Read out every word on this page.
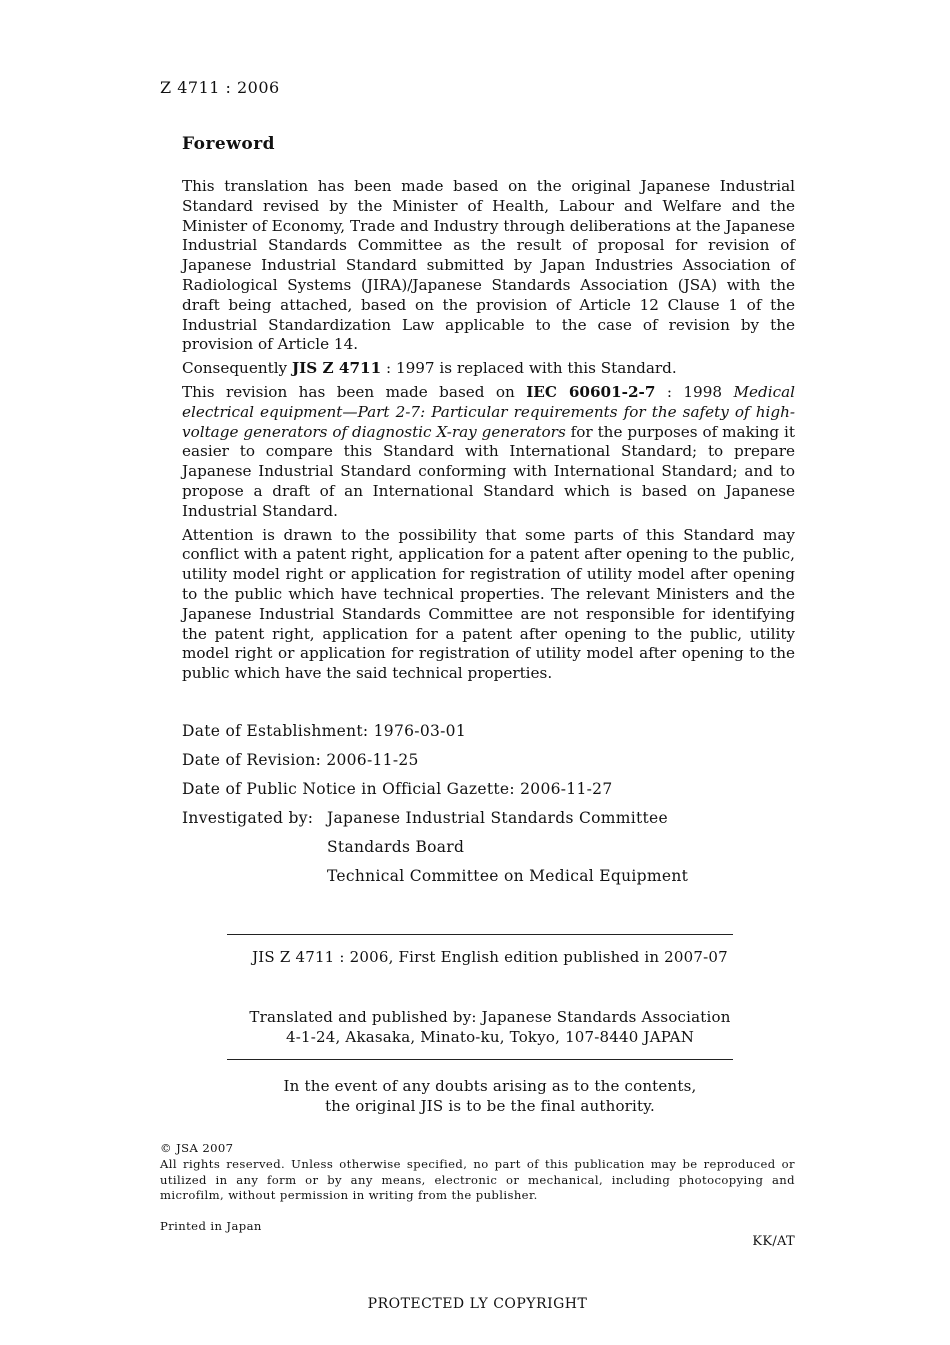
Z 4711 : 2006
Foreword

This translation has been made based on the original Japanese Industrial Standard revised by the Minister of Health, Labour and Welfare and the Minister of Economy, Trade and Industry through deliberations at the Japanese Industrial Standards Committee as the result of proposal for revision of Japanese Industrial Standard submitted by Japan Industries Association of Radiological Systems (JIRA)/Japanese Standards Association (JSA) with the draft being attached, based on the provision of Article 12 Clause 1 of the Industrial Standardization Law applicable to the case of revision by the provision of Article 14.

Consequently JIS Z 4711 : 1997 is replaced with this Standard.

This revision has been made based on IEC 60601-2-7 : 1998 Medical electrical equipment—Part 2-7: Particular requirements for the safety of high-voltage generators of diagnostic X-ray generators for the purposes of making it easier to compare this Standard with International Standard; to prepare Japanese Industrial Standard conforming with International Standard; and to propose a draft of an International Standard which is based on Japanese Industrial Standard.

Attention is drawn to the possibility that some parts of this Standard may conflict with a patent right, application for a patent after opening to the public, utility model right or application for registration of utility model after opening to the public which have technical properties. The relevant Ministers and the Japanese Industrial Standards Committee are not responsible for identifying the patent right, application for a patent after opening to the public, utility model right or application for registration of utility model after opening to the public which have the said technical properties.

Date of Establishment: 1976-03-01
Date of Revision: 2006-11-25
Date of Public Notice in Official Gazette: 2006-11-27
Investigated by: Japanese Industrial Standards Committee
Standards Board
Technical Committee on Medical Equipment
JIS Z 4711 : 2006, First English edition published in 2007-07
Translated and published by: Japanese Standards Association
4-1-24, Akasaka, Minato-ku, Tokyo, 107-8440 JAPAN
In the event of any doubts arising as to the contents,
the original JIS is to be the final authority.
© JSA 2007
All rights reserved. Unless otherwise specified, no part of this publication may be reproduced or utilized in any form or by any means, electronic or mechanical, including photocopying and microfilm, without permission in writing from the publisher.
Printed in Japan
KK/AT
PROTECTED LY COPYRIGHT
